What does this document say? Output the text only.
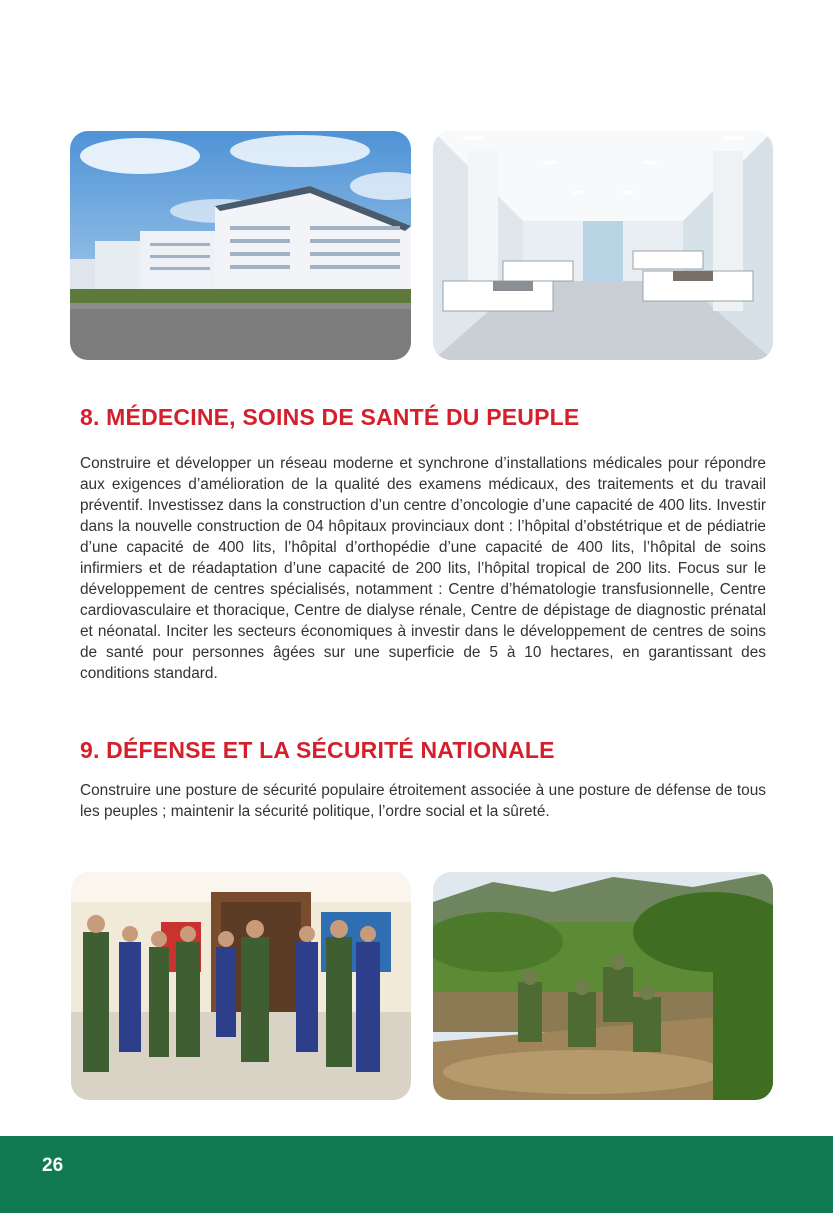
8. MÉDECINE, SOINS DE SANTÉ DU PEUPLE

Construire et développer un réseau moderne et synchrone d’installations médicales pour répondre aux exigences d’amélioration de la qualité des examens médicaux, des traitements et du travail préventif. Investissez dans la construction d’un centre d’oncologie d’une capacité de 400 lits. Investir dans la nouvelle construction de 04 hôpitaux provinciaux dont : l’hôpital d’obstétrique et de pédiatrie d’une capacité de 400 lits, l’hôpital d’orthopédie d’une capacité de 400 lits, l’hôpital de soins infirmiers et de réadaptation d’une capacité de 200 lits, l’hôpital tropical de 200 lits. Focus sur le développement de centres spécialisés, notamment : Centre d’hématologie transfusionnelle, Centre cardiovasculaire et thoracique, Centre de dialyse rénale, Centre de dépistage de diagnostic prénatal et néonatal. Inciter les secteurs économiques à investir dans le développement de centres de soins de santé pour personnes âgées sur une superficie de 5 à 10 hectares, en garantissant des conditions standard.

9. DÉFENSE ET LA SÉCURITÉ NATIONALE

Construire une posture de sécurité populaire étroitement associée à une posture de défense de tous les peuples ; maintenir la sécurité politique, l’ordre social et la sûreté.

26
